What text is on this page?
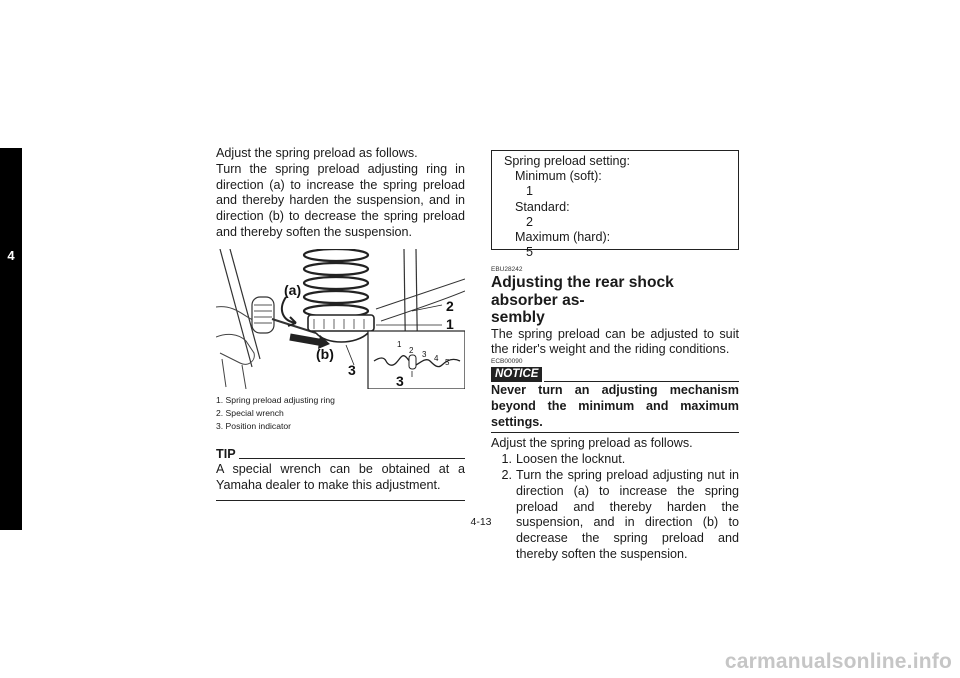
4

Adjust the spring preload as follows.

Turn the spring preload adjusting ring in direction (a) to increase the spring preload and thereby harden the suspension, and in direction (b) to decrease the spring preload and thereby soften the suspension.

(a)
(b)
2
1
3
3
1
2 3 4 5
1. Spring preload adjusting ring
2. Special wrench
3. Position indicator
TIP

A special wrench can be obtained at a Yamaha dealer to make this adjustment.

Spring preload setting:
Minimum (soft):
1
Standard:
2
Maximum (hard):
5
EBU28242
Adjusting the rear shock absorber as-
sembly

The spring preload can be adjusted to suit the rider's weight and the riding conditions.

ECB00090
NOTICE

Never turn an adjusting mechanism beyond the minimum and maximum settings.

Adjust the spring preload as follows.

1. Loosen the locknut.
2. Turn the spring preload adjusting nut in direction (a) to increase the spring preload and thereby harden the suspension, and in direction (b) to decrease the spring preload and thereby soften the suspension.
4-13
carmanualsonline.info
